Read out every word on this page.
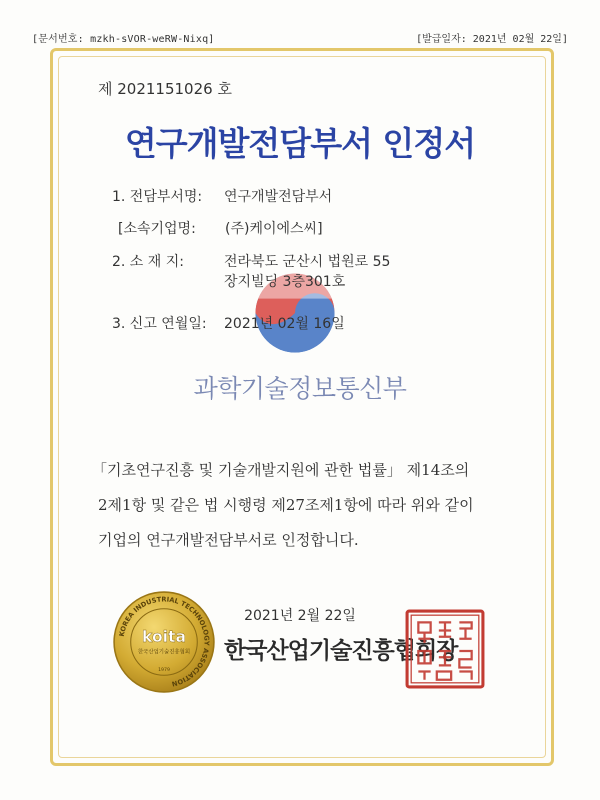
[문서번호: mzkh-sVOR-weRW-Nixq]	[발급일자: 2021년 02월 22일]
제 2021151026 호
연구개발전담부서 인정서
1. 전담부서명: 연구개발전담부서
[소속기업명: (주)케이에스씨]
2. 소 재 지:	전라북도 군산시 법원로 55
장지빌딩 3층301호
3. 신고 연월일: 2021년 02월 16일
과학기술정보통신부
「기초연구진흥 및 기술개발지원에 관한 법률」 제14조의
2제1항 및 같은 법 시행령 제27조제1항에 따라 위와 같이
기업의 연구개발전담부서로 인정합니다.
2021년 2월 22일
KOREA INDUSTRIAL TECHNOLOGY ASSOCIATION
koita
한국산업기술진흥협회
1979
한국산업기술진흥협회장
